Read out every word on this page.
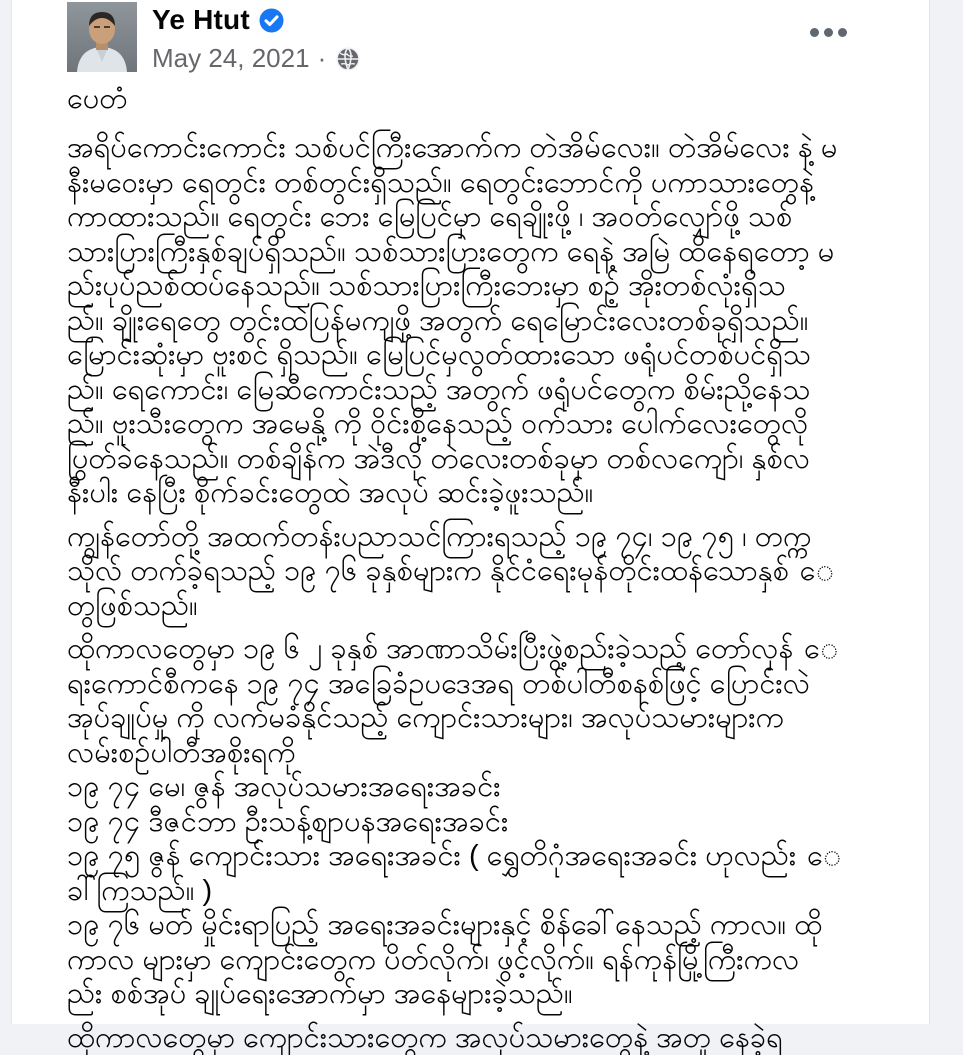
Ye Htut
May 24, 2021 ·
ပေတံ
အရိပ်ကောင်းကောင်း သစ်ပင်ကြီးအောက်က တဲအိမ်လေး။ တဲအိမ်လေး နဲ့ မ
နီးမဝေးမှာ ရေတွင်း တစ်တွင်းရှိသည်။ ရေတွင်းဘောင်ကို ပကာသားတွေနဲ့
ကာထားသည်။ ရေတွင်း ဘေး မြေပြင်မှာ ရေချိုးဖို့ ၊ အဝတ်လျှော်ဖို့ သစ်
သားပြားကြီးနှစ်ချပ်ရှိသည်။ သစ်သားပြားတွေက ရေနဲ့ အမြဲ ထိနေရတော့ မ
ည်းပုပ်ညစ်ထပ်နေသည်။ သစ်သားပြားကြီးဘေးမှာ စဉ့် အိုးတစ်လုံးရှိသ
ည်။ ချိုးရေတွေ တွင်းထဲပြန်မကျဖို့ အတွက် ရေမြောင်းလေးတစ်ခုရှိသည်။
မြောင်းဆုံးမှာ ဗူးစင် ရှိသည်။ မြေပြင်မှလွတ်ထားသော ဖရုံပင်တစ်ပင်ရှိသ
ည်။ ရေကောင်း၊ မြေဆီကောင်းသည့် အတွက် ဖရုံပင်တွေက စိမ်းညို့နေသ
ည်။ ဗူးသီးတွေက အမေနို့ ကို ဝိုင်းစို့နေသည့် ဝက်သား ပေါက်လေးတွေလို
ပြွတ်ခဲနေသည်။ တစ်ချိန်က အဲဒီလို တဲလေးတစ်ခုမှာ တစ်လကျော်၊ နှစ်လ
နီးပါး နေပြီး စိုက်ခင်းတွေထဲ အလုပ် ဆင်းခဲ့ဖူးသည်။
ကျွန်တော်တို့ အထက်တန်းပညာသင်ကြားရသည့် ၁၉ ၇၄၊ ၁၉ ၇၅ ၊ တက္က
သိုလ် တက်ခဲ့ရသည့် ၁၉ ၇၆ ခုနှစ်များက နိုင်ငံရေးမုန်တိုင်းထန်သောနှစ် ေ
တွဖြစ်သည်။
ထိုကာလတွေမှာ ၁၉ ၆ ၂ ခုနှစ် အာဏာသိမ်းပြီးဖွဲ့စည်းခဲ့သည့် တော်လှန် ေ
ရးကောင်စီကနေ ၁၉ ၇၄ အခြေခံဥပဒေအရ တစ်ပါတီစနစ်ဖြင့် ပြောင်းလဲ
အုပ်ချုပ်မှု ကို လက်မခံနိုင်သည့် ကျောင်းသားများ၊ အလုပ်သမားများက
လမ်းစဉ်ပါတီအစိုးရကို
၁၉ ၇၄ မေ၊ ဇွန် အလုပ်သမားအရေးအခင်း
၁၉ ၇၄ ဒီဇင်ဘာ ဦးသန့်စျာပနအရေးအခင်း
၁၉ ၇၅ ဇွန် ကျောင်းသား အရေးအခင်း ( ရွှေတိဂုံအရေးအခင်း ဟုလည်း ေ
ခါ်ကြသည်။ )
၁၉ ၇၆ မတ် မှိုင်းရာပြည့် အရေးအခင်းများနှင့် စိန်ခေါ်နေသည့် ကာလ။ ထို
ကာလ များမှာ ကျောင်းတွေက ပိတ်လိုက်၊ ဖွင့်လိုက်။ ရန်ကုန်မြို့ကြီးကလ
ည်း စစ်အုပ် ချုပ်ရေးအောက်မှာ အနေများခဲ့သည်။
ထိုကာလတွေမှာ ကျောင်းသားတွေက အလုပ်သမားတွေနဲ့ အတူ နေခဲ့ရ
